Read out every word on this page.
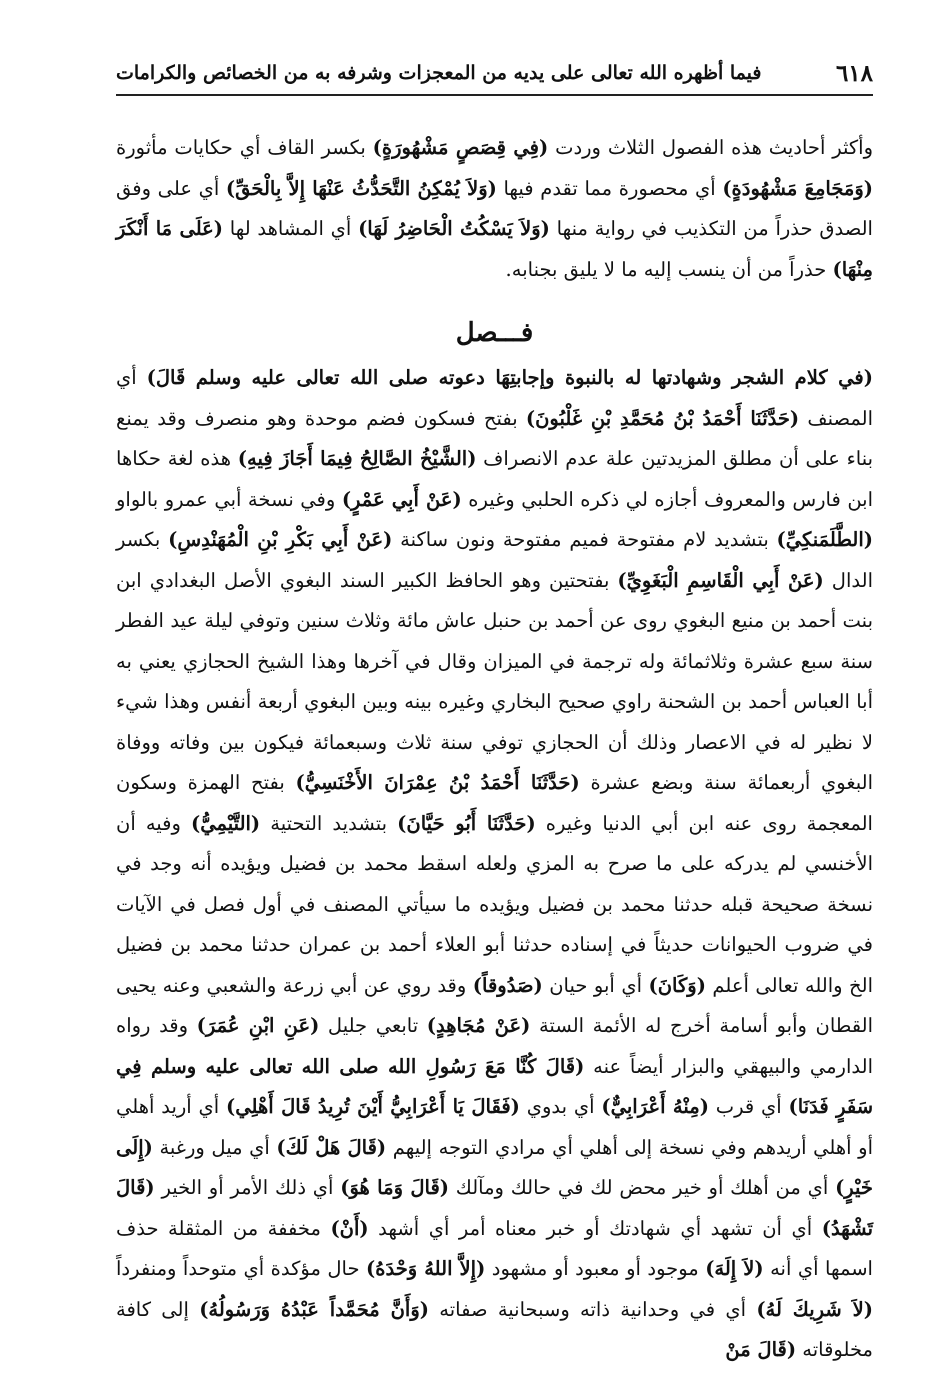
٦١٨
فيما أظهره الله تعالى على يديه من المعجزات وشرفه به من الخصائص والكرامات

وأكثر أحاديث هذه الفصول الثلاث وردت (فِي قِصَصٍ مَشْهُورَةٍ) بكسر القاف أي حكايات مأثورة (وَمَجَامِعَ مَشْهُودَةٍ) أي محصورة مما تقدم فيها (وَلاَ يُمْكِنُ التَّحَدُّثُ عَنْهَا إِلاَّ بِالْحَقِّ) أي على وفق الصدق حذراً من التكذيب في رواية منها (وَلاَ يَسْكُتُ الْحَاضِرُ لَهَا) أي المشاهد لها (عَلَى مَا أَنْكَرَ مِنْهَا) حذراً من أن ينسب إليه ما لا يليق بجنابه.

فـــصل

(في كلام الشجر وشهادتها له بالنبوة وإجابتِهَا دعوته صلى الله تعالى عليه وسلم قَالَ) أي المصنف (حَدَّثَنَا أَحْمَدُ بْنُ مُحَمَّدِ بْنِ غَلْبُونَ) بفتح فسكون فضم موحدة وهو منصرف وقد يمنع بناء على أن مطلق المزيدتين علة عدم الانصراف (الشَّيْخُ الصَّالِحُ فِيمَا أَجَازَ فِيهِ) هذه لغة حكاها ابن فارس والمعروف أجازه لي ذكره الحلبي وغيره (عَنْ أَبِي عَمْرٍ) وفي نسخة أبي عمرو بالواو (الطَّلَمَنكِيِّ) بتشديد لام مفتوحة فميم مفتوحة ونون ساكنة (عَنْ أَبِي بَكْرِ بْنِ الْمُهَنْدِسِ) بكسر الدال (عَنْ أَبِي الْقَاسِمِ الْبَغَوِيِّ) بفتحتين وهو الحافظ الكبير السند البغوي الأصل البغدادي ابن بنت أحمد بن منيع البغوي روى عن أحمد بن حنبل عاش مائة وثلاث سنين وتوفي ليلة عيد الفطر سنة سبع عشرة وثلاثمائة وله ترجمة في الميزان وقال في آخرها وهذا الشيخ الحجازي يعني به أبا العباس أحمد بن الشحنة راوي صحيح البخاري وغيره بينه وبين البغوي أربعة أنفس وهذا شيء لا نظير له في الاعصار وذلك أن الحجازي توفي سنة ثلاث وسبعمائة فيكون بين وفاته ووفاة البغوي أربعمائة سنة وبضع عشرة (حَدَّثَنَا أَحْمَدُ بْنُ عِمْرَانَ الأَخْنَسِيُّ) بفتح الهمزة وسكون المعجمة روى عنه ابن أبي الدنيا وغيره (حَدَّثَنَا أَبُو حَيَّانَ) بتشديد التحتية (التَّيْمِيُّ) وفيه أن الأخنسي لم يدركه على ما صرح به المزي ولعله اسقط محمد بن فضيل ويؤيده أنه وجد في نسخة صحيحة قبله حدثنا محمد بن فضيل ويؤيده ما سيأتي المصنف في أول فصل في الآيات في ضروب الحيوانات حديثاً في إسناده حدثنا أبو العلاء أحمد بن عمران حدثنا محمد بن فضيل الخ والله تعالى أعلم (وَكَانَ) أي أبو حيان (صَدُوقاً) وقد روي عن أبي زرعة والشعبي وعنه يحيى القطان وأبو أسامة أخرج له الأئمة الستة (عَنْ مُجَاهِدٍ) تابعي جليل (عَنِ ابْنِ عُمَرَ) وقد رواه الدارمي والبيهقي والبزار أيضاً عنه (قَالَ كُنَّا مَعَ رَسُولِ الله صلى الله تعالى عليه وسلم فِي سَفَرٍ فَدَنَا) أي قرب (مِنْهُ أَعْرَابِيٌّ) أي بدوي (فَقَالَ يَا أَعْرَابِيُّ أَيْنَ تُرِيدُ قَالَ أَهْلِي) أي أريد أهلي أو أهلي أريدهم وفي نسخة إلى أهلي أي مرادي التوجه إليهم (قَالَ هَلْ لَكَ) أي ميل ورغبة (إِلَى خَيْرٍ) أي من أهلك أو خير محض لك في حالك ومآلك (قَالَ وَمَا هُوَ) أي ذلك الأمر أو الخير (قَالَ تَشْهَدُ) أي أن تشهد أي شهادتك أو خبر معناه أمر أي أشهد (أَنْ) مخففة من المثقلة حذف اسمها أي أنه (لاَ إِلَهَ) موجود أو معبود أو مشهود (إِلاَّ اللهُ وَحْدَهُ) حال مؤكدة أي متوحداً ومنفرداً (لاَ شَرِيكَ لَهُ) أي في وحدانية ذاته وسبحانية صفاته (وَأَنَّ مُحَمَّداً عَبْدُهُ وَرَسُولُهُ) إلى كافة مخلوقاته (قَالَ مَنْ
